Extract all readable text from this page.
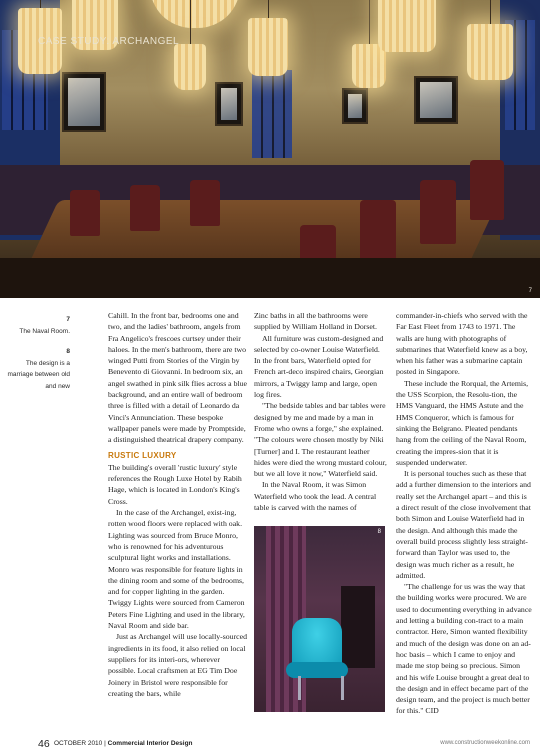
CASE STUDY: ARCHANGEL
7
7
The Naval Room.
8
The design is a marriage between old and new

Cahill. In the front bar, bedrooms one and two, and the ladies' bathroom, angels from Fra Angelico's frescoes curtsey under their haloes. In the men's bathroom, there are two winged Putti from Stories of the Virgin by Benevento di Giovanni. In bedroom six, an angel swathed in pink silk flies across a blue background, and an entire wall of bedroom three is filled with a detail of Leonardo da Vinci's Annunciation. These bespoke wallpaper panels were made by Promptside, a distinguished theatrical drapery company.

RUSTIC LUXURY

The building's overall 'rustic luxury' style references the Rough Luxe Hotel by Rabih Hage, which is located in London's King's Cross.

In the case of the Archangel, exist-ing, rotten wood floors were replaced with oak. Lighting was sourced from Bruce Monro, who is renowned for his adventurous sculptural light works and installations. Monro was responsible for feature lights in the dining room and some of the bedrooms, and for copper lighting in the garden. Twiggy Lights were sourced from Cameron Peters Fine Lighting and used in the library, Naval Room and side bar.

Just as Archangel will use locally-sourced ingredients in its food, it also relied on local suppliers for its interi-ors, wherever possible. Local craftsmen at EG Tim Doe Joinery in Bristol were responsible for creating the bars, while

Zinc baths in all the bathrooms were supplied by William Holland in Dorset.

All furniture was custom-designed and selected by co-owner Louise Waterfield. In the front bars, Waterfield opted for French art-deco inspired chairs, Georgian mirrors, a Twiggy lamp and large, open log fires.

"The bedside tables and bar tables were designed by me and made by a man in Frome who owns a forge," she explained. "The colours were chosen mostly by Niki [Turner] and I. The restaurant leather hides were died the wrong mustard colour, but we all love it now," Waterfield said.

In the Naval Room, it was Simon Waterfield who took the lead. A central table is carved with the names of

8

commander-in-chiefs who served with the Far East Fleet from 1743 to 1971. The walls are hung with photographs of submarines that Waterfield knew as a boy, when his father was a submarine captain posted in Singapore.

These include the Rorqual, the Artemis, the USS Scorpion, the Resolu-tion, the HMS Vanguard, the HMS Astute and the HMS Conqueror, which is famous for sinking the Belgrano. Pleated pendants hang from the ceiling of the Naval Room, creating the impres-sion that it is suspended underwater.

It is personal touches such as these that add a further dimension to the interiors and really set the Archangel apart – and this is a direct result of the close involvement that both Simon and Louise Waterfield had in the design. And although this made the overall build process slightly less straight-forward than Taylor was used to, the design was much richer as a result, he admitted.

"The challenge for us was the way that the building works were procured. We are used to documenting everything in advance and letting a building con-tract to a main contractor. Here, Simon wanted flexibility and much of the design was done on an ad-hoc basis – which I came to enjoy and made me stop being so precious. Simon and his wife Louise brought a great deal to the design and in effect became part of the design team, and the project is much better for this." CID

46 OCTOBER 2010 | Commercial Interior Design	www.constructionweekonline.com
